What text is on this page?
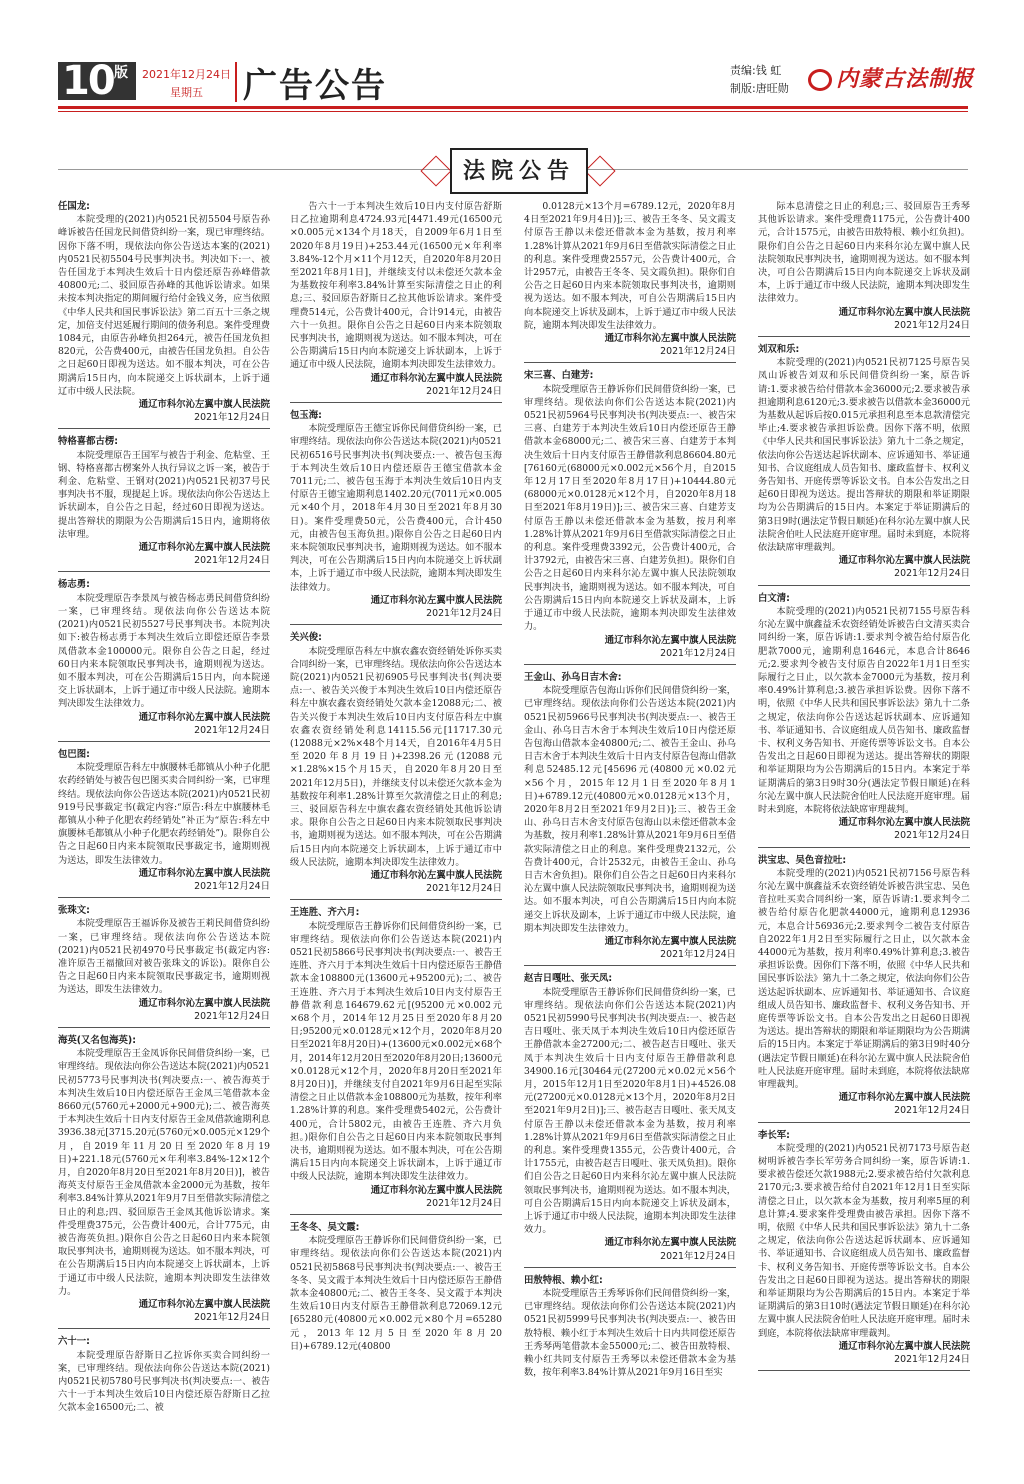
10 版	2021年12月24日
星期五 广告公告	责编:钱 虹
制版:唐旺勋	内蒙古法制报
法院公告
任国龙:
本院受理的(2021)内0521民初5504号原告孙峰诉被告任国龙民间借贷纠纷一案，现已审理终结。因你下落不明，现依法向你公告送达本案的(2021)内0521民初5504号民事判决书。判决如下:一、被告任国龙于本判决生效后十日内偿还原告孙峰借款40800元;二、驳回原告孙峰的其他诉讼请求。如果未按本判决指定的期间履行给付金钱义务，应当依照《中华人民共和国民事诉讼法》第二百五十三条之规定，加倍支付迟延履行期间的债务利息。案件受理费1084元，由原告孙峰负担264元，被告任国龙负担820元，公告费400元，由被告任国龙负担。自公告之日起60日即视为送达。如不服本判决，可在公告期满后15日内，向本院递交上诉状副本，上诉于通辽市中级人民法院。
通辽市科尔沁左翼中旗人民法院
2021年12月24日
特格喜都古楞:
本院受理原告王国军与被告于利金、危粘堂、王钢、特格喜都古楞案外人执行异议之诉一案，被告于利金、危粘堂、王钢对(2021)内0521民初37号民事判决书不服，现提起上诉。现依法向你公告送达上诉状副本，自公告之日起，经过60日即视为送达。提出答辩状的期限为公告期满后15日内，逾期将依法审理。
通辽市科尔沁左翼中旗人民法院
2021年12月24日
杨志勇:
本院受理原告李景凤与被告杨志勇民间借贷纠纷一案，已审理终结。现依法向你公告送达本院(2021)内0521民初5527号民事判决书。本院判决如下:被告杨志勇于本判决生效后立即偿还原告李景凤借款本金100000元。限你自公告之日起，经过60日内来本院领取民事判决书，逾期则视为送达。如不服本判决，可在公告期满后15日内，向本院递交上诉状副本，上诉于通辽市中级人民法院。逾期本判决即发生法律效力。
通辽市科尔沁左翼中旗人民法院
2021年12月24日
包巴图:
本院受理原告科左中旗腰林毛都镇从小种子化肥农药经销处与被告包巴图买卖合同纠纷一案，已审理终结。现依法向你公告送达本院(2021)内0521民初919号民事裁定书(裁定内容:“原告:科左中旗腰林毛都镇从小种子化肥农药经销处”补正为“原告:科左中旗腰林毛都镇从小种子化肥农药经销处”)。限你自公告之日起60日内来本院领取民事裁定书，逾期则视为送达，即发生法律效力。
通辽市科尔沁左翼中旗人民法院
2021年12月24日
张珠文:
本院受理原告王福诉你及被告王莉民间借贷纠纷一案，已审理终结。现依法向你公告送达本院(2021)内0521民初4970号民事裁定书(裁定内容:准许原告王福撤回对被告张珠文的诉讼)。限你自公告之日起60日内来本院领取民事裁定书，逾期则视为送达，即发生法律效力。
通辽市科尔沁左翼中旗人民法院
2021年12月24日
海英(又名包海英):
本院受理原告王金凤诉你民间借贷纠纷一案，已审理终结。现依法向你公告送达本院(2021)内0521民初5773号民事判决书(判决要点:一、被告海英于本判决生效后10日内偿还原告王金凤三笔借款本金8660元(5760元+2000元+900元);二、被告海英于本判决生效后十日内支付原告王金凤借款逾期利息3936.38元[3715.20元(5760元×0.005元×129个月，自2019年11月20日至2020年8月19日)+221.18元(5760元×年利率3.84%-12×12个月，自2020年8月20日至2021年8月20日)]，被告海英支付原告王金凤借款本金2000元为基数，按年利率3.84%计算从2021年9月7日至借款实际清偿之日止的利息;四、驳回原告王金凤其他诉讼请求。案件受理费375元，公告费计400元，合计775元，由被告海英负担。)限你自公告之日起60日内来本院领取民事判决书，逾期则视为送达。如不服本判决，可在公告期满后15日内向本院递交上诉状副本，上诉于通辽市中级人民法院，逾期本判决即发生法律效力。
通辽市科尔沁左翼中旗人民法院
2021年12月24日
六十一:
本院受理原告舒斯日乙拉诉你买卖合同纠纷一案，已审理终结。现依法向你公告送达本院(2021)内0521民初5780号民事判决书(判决要点:一、被告六十一于本判决生效后10日内偿还原告舒斯日乙拉欠款本金16500元;二、被
告六十一于本判决生效后10日内支付原告舒斯日乙拉逾期利息4724.93元[4471.49元(16500元×0.005元×134个月18天，自2009年6月1日至2020年8月19日)+253.44元(16500元×年利率3.84%-12个月×11个月12天，自2020年8月20日至2021年8月1日]，并继续支付以未偿还欠款本金为基数按年利率3.84%计算至实际清偿之日止的利息;三、驳回原告舒斯日乙拉其他诉讼请求。案件受理费514元，公告费计400元，合计914元，由被告六十一负担。限你自公告之日起60日内来本院领取民事判决书，逾期则视为送达。如不服本判决，可在公告期满后15日内向本院递交上诉状副本，上诉于通辽市中级人民法院，逾期本判决即发生法律效力。
通辽市科尔沁左翼中旗人民法院
2021年12月24日
包玉海:
本院受理原告王德宝诉你民间借贷纠纷一案，已审理终结。现依法向你公告送达本院(2021)内0521民初6516号民事判决书(判决要点:一、被告包玉海于本判决生效后10日内偿还原告王德宝借款本金7011元;二、被告包玉海于本判决生效后10日内支付原告王德宝逾期利息1402.20元(7011元×0.005元×40个月，2018年4月30日至2021年8月30日)。案件受理费50元，公告费400元，合计450元，由被告包玉海负担。)限你自公告之日起60日内来本院领取民事判决书，逾期则视为送达。如不服本判决，可在公告期满后15日内向本院递交上诉状副本，上诉于通辽市中级人民法院，逾期本判决即发生法律效力。
通辽市科尔沁左翼中旗人民法院
2021年12月24日
关兴俊:
本院受理原告科左中旗农鑫农资经销处诉你买卖合同纠纷一案，已审理终结。现依法向你公告送达本院(2021)内0521民初6905号民事判决书(判决要点:一、被告关兴俊于本判决生效后10日内偿还原告科左中旗农鑫农资经销处欠款本金12088元;二、被告关兴俊于本判决生效后10日内支付原告科左中旗农鑫农资经销处利息14115.56元[11717.30元(12088元×2%×48个月14天，自2016年4月5日至2020年8月19日)+2398.26元(12088元×1.28%×15个月15天，自2020年8月20日至2021年12月5日)，并继续支付以未偿还欠款本金为基数按年利率1.28%计算至欠款清偿之日止的利息;三、驳回原告科左中旗农鑫农资经销处其他诉讼请求。限你自公告之日起60日内来本院领取民事判决书，逾期则视为送达。如不服本判决，可在公告期满后15日内向本院递交上诉状副本，上诉于通辽市中级人民法院，逾期本判决即发生法律效力。
通辽市科尔沁左翼中旗人民法院
2021年12月24日
王连胜、齐六月:
本院受理原告王静诉你们民间借贷纠纷一案，已审理终结。现依法向你们公告送达本院(2021)内0521民初5866号民事判决书(判决要点:一、被告王连胜、齐六月于本判决生效后十日内偿还原告王静借款本金108800元(13600元+95200元);二、被告王连胜、齐六月于本判决生效后10日内支付原告王静借款利息164679.62元[(95200元×0.002元×68个月，2014年12月25日至2020年8月20日;95200元×0.0128元×12个月，2020年8月20日至2021年8月20日)+(13600元×0.002元×68个月，2014年12月20日至2020年8月20日;13600元×0.0128元×12个月，2020年8月20日至2021年8月20日)]，并继续支付自2021年9月6日起至实际清偿之日止以借款本金108800元为基数，按年利率1.28%计算的利息。案件受理费5402元，公告费计400元，合计5802元，由被告王连胜、齐六月负担。)限你们自公告之日起60日内来本院领取民事判决书，逾期则视为送达。如不服本判决，可在公告期满后15日内向本院递交上诉状副本，上诉于通辽市中级人民法院，逾期本判决即发生法律效力。
通辽市科尔沁左翼中旗人民法院
2021年12月24日
王冬冬、吴文霞:
本院受理原告王静诉你们民间借贷纠纷一案，已审理终结。现依法向你们公告送达本院(2021)内0521民初5868号民事判决书(判决要点:一、被告王冬冬、吴文霞于本判决生效后十日内偿还原告王静借款本金40800元;二、被告王冬冬、吴文霞于本判决生效后10日内支付原告王静借款利息72069.12元[65280元(40800元×0.002元×80个月=65280元，2013年12月5日至2020年8月20日)+6789.12元(40800
0.0128元×13个月=6789.12元，2020年8月4日至2021年9月4日)];三、被告王冬冬、吴文霞支付原告王静以未偿还借款本金为基数，按月利率1.28%计算从2021年9月6日至借款实际清偿之日止的利息。案件受理费2557元，公告费计400元，合计2957元，由被告王冬冬、吴文霞负担)。限你们自公告之日起60日内来本院领取民事判决书，逾期则视为送达。如不服本判决，可自公告期满后15日内向本院递交上诉状及副本，上诉于通辽市中级人民法院，逾期本判决即发生法律效力。
通辽市科尔沁左翼中旗人民法院
2021年12月24日
宋三喜、白建芳:
本院受理原告王静诉你们民间借贷纠纷一案，已审理终结。现依法向你们公告送达本院(2021)内0521民初5964号民事判决书(判决要点:一、被告宋三喜、白建芳于本判决生效后10日内偿还原告王静借款本金68000元;二、被告宋三喜、白建芳于本判决生效后十日内支付原告王静借款利息86604.80元[76160元(68000元×0.002元×56个月，自2015年12月17日至2020年8月17日)+10444.80元(68000元×0.0128元×12个月，自2020年8月18日至2021年8月19日)];三、被告宋三喜、白建芳支付原告王静以未偿还借款本金为基数，按月利率1.28%计算从2021年9月6日至借款实际清偿之日止的利息。案件受理费3392元，公告费计400元，合计3792元，由被告宋三喜、白建芳负担)。限你们自公告之日起60日内来科尔沁左翼中旗人民法院领取民事判决书，逾期则视为送达。如不服本判决，可自公告期满后15日内向本院递交上诉状及副本，上诉于通辽市中级人民法院，逾期本判决即发生法律效力。
通辽市科尔沁左翼中旗人民法院
2021年12月24日
王金山、孙乌日吉木舍:
本院受理原告包海山诉你们民间借贷纠纷一案，已审理终结。现依法向你们公告送达本院(2021)内0521民初5966号民事判决书(判决要点:一、被告王金山、孙乌日吉木舍于本判决生效后10日内偿还原告包海山借款本金40800元;二、被告王金山、孙乌日吉木舍于本判决生效后十日内支付原告包海山借款利息52485.12元[45696元(40800元×0.02元×56个月，2015年12月1日至2020年8月1日)+6789.12元(40800元×0.0128元×13个月，2020年8月2日至2021年9月2日)];三、被告王金山、孙乌日吉木舍支付原告包海山以未偿还借款本金为基数，按月利率1.28%计算从2021年9月6日至借款实际清偿之日止的利息。案件受理费2132元，公告费计400元，合计2532元，由被告王金山、孙乌日吉木舍负担)。限你们自公告之日起60日内来科尔沁左翼中旗人民法院领取民事判决书，逾期则视为送达。如不服本判决，可自公告期满后15日内向本院递交上诉状及副本，上诉于通辽市中级人民法院，逾期本判决即发生法律效力。
通辽市科尔沁左翼中旗人民法院
2021年12月24日
赵吉日嘎吐、张天凤:
本院受理原告王静诉你们民间借贷纠纷一案，已审理终结。现依法向你们公告送达本院(2021)内0521民初5990号民事判决书(判决要点:一、被告赵吉日嘎吐、张天凤于本判决生效后10日内偿还原告王静借款本金27200元;二、被告赵吉日嘎吐、张天凤于本判决生效后十日内支付原告王静借款利息34900.16元[30464元(27200元×0.02元×56个月，2015年12月1日至2020年8月1日)+4526.08元(27200元×0.0128元×13个月，2020年8月2日至2021年9月2日)];三、被告赵吉日嘎吐、张天凤支付原告王静以未偿还借款本金为基数，按月利率1.28%计算从2021年9月6日至借款实际清偿之日止的利息。案件受理费1355元，公告费计400元，合计1755元，由被告赵吉日嘎吐、张天凤负担)。限你们自公告之日起60日内来科尔沁左翼中旗人民法院领取民事判决书，逾期则视为送达。如不服本判决，可自公告期满后15日内向本院递交上诉状及副本，上诉于通辽市中级人民法院，逾期本判决即发生法律效力。
通辽市科尔沁左翼中旗人民法院
2021年12月24日
田敖特根、赖小红:
本院受理原告王秀琴诉你们民间借贷纠纷一案，已审理终结。现依法向你们公告送达本院(2021)内0521民初5999号民事判决书(判决要点:一、被告田敖特根、赖小红于本判决生效后十日内共同偿还原告王秀琴两笔借款本金55000元;二、被告田敖特根、赖小红共同支付原告王秀琴以未偿还借款本金为基数，按年利率3.84%计算从2021年9月16日至实
际本息清偿之日止的利息;三、驳回原告王秀琴其他诉讼请求。案件受理费1175元，公告费计400元，合计1575元，由被告田敖特根、赖小红负担)。限你们自公告之日起60日内来科尔沁左翼中旗人民法院领取民事判决书，逾期则视为送达。如不服本判决，可自公告期满后15日内向本院递交上诉状及副本，上诉于通辽市中级人民法院，逾期本判决即发生法律效力。
通辽市科尔沁左翼中旗人民法院
2021年12月24日
刘双和乐:
本院受理的(2021)内0521民初7125号原告吴凤山诉被告刘双和乐民间借贷纠纷一案，原告诉请:1.要求被告给付借款本金36000元;2.要求被告承担逾期利息6120元;3.要求被告以借款本金36000元为基数从起诉后按0.015元承担利息至本息款清偿完毕止;4.要求被告承担诉讼费。因你下落不明，依照《中华人民共和国民事诉讼法》第九十二条之规定，依法向你公告送达起诉状副本、应诉通知书、举证通知书、合议庭组成人员告知书、廉政监督卡、权利义务告知书、开庭传票等诉讼文书。自本公告发出之日起60日即视为送达。提出答辩状的期限和举证期限均为公告期满后的15日内。本案定于举证期满后的第3日9时(遇法定节假日顺延)在科尔沁左翼中旗人民法院舍伯吐人民法庭开庭审理。届时未到庭，本院将依法缺席审理裁判。
通辽市科尔沁左翼中旗人民法院
2021年12月24日
白文清:
本院受理的(2021)内0521民初7155号原告科尔沁左翼中旗鑫益禾农资经销处诉被告白文清买卖合同纠纷一案，原告诉请:1.要求判令被告给付原告化肥款7000元，逾期利息1646元，本息合计8646元;2.要求判令被告支付原告自2022年1月1日至实际履行之日止，以欠款本金7000元为基数，按月利率0.49%计算利息;3.被告承担诉讼费。因你下落不明，依照《中华人民共和国民事诉讼法》第九十二条之规定，依法向你公告送达起诉状副本、应诉通知书、举证通知书、合议庭组成人员告知书、廉政监督卡、权利义务告知书、开庭传票等诉讼文书。自本公告发出之日起60日即视为送达。提出答辩状的期限和举证期限均为公告期满后的15日内。本案定于举证期满后的第3日9时30分(遇法定节假日顺延)在科尔沁左翼中旗人民法院舍伯吐人民法庭开庭审理。届时未到庭，本院将依法缺席审理裁判。
通辽市科尔沁左翼中旗人民法院
2021年12月24日
洪宝忠、吴色音拉吐:
本院受理的(2021)内0521民初7156号原告科尔沁左翼中旗鑫益禾农资经销处诉被告洪宝忠、吴色音拉吐买卖合同纠纷一案，原告诉请:1.要求判令二被告给付原告化肥款44000元，逾期利息12936元，本息合计56936元;2.要求判令二被告支付原告自2022年1月2日至实际履行之日止，以欠款本金44000元为基数，按月利率0.49%计算利息;3.被告承担诉讼费。因你们下落不明，依照《中华人民共和国民事诉讼法》第九十二条之规定，依法向你们公告送达起诉状副本、应诉通知书、举证通知书、合议庭组成人员告知书、廉政监督卡、权利义务告知书、开庭传票等诉讼文书。自本公告发出之日起60日即视为送达。提出答辩状的期限和举证期限均为公告期满后的15日内。本案定于举证期满后的第3日9时40分(遇法定节假日顺延)在科尔沁左翼中旗人民法院舍伯吐人民法庭开庭审理。届时未到庭，本院将依法缺席审理裁判。
通辽市科尔沁左翼中旗人民法院
2021年12月24日
李长军:
本院受理的(2021)内0521民初7173号原告赵树明诉被告李长军劳务合同纠纷一案，原告诉请:1.要求被告偿还欠款1988元;2.要求被告给付欠款利息2170元;3.要求被告给付自2021年12月1日至实际清偿之日止，以欠款本金为基数，按月利率5厘的利息计算;4.要求案件受理费由被告承担。因你下落不明，依照《中华人民共和国民事诉讼法》第九十二条之规定，依法向你公告送达起诉状副本、应诉通知书、举证通知书、合议庭组成人员告知书、廉政监督卡、权利义务告知书、开庭传票等诉讼文书。自本公告发出之日起60日即视为送达。提出答辩状的期限和举证期限均为公告期满后的15日内。本案定于举证期满后的第3日10时(遇法定节假日顺延)在科尔沁左翼中旗人民法院舍伯吐人民法庭开庭审理。届时未到庭，本院将依法缺席审理裁判。
通辽市科尔沁左翼中旗人民法院
2021年12月24日
